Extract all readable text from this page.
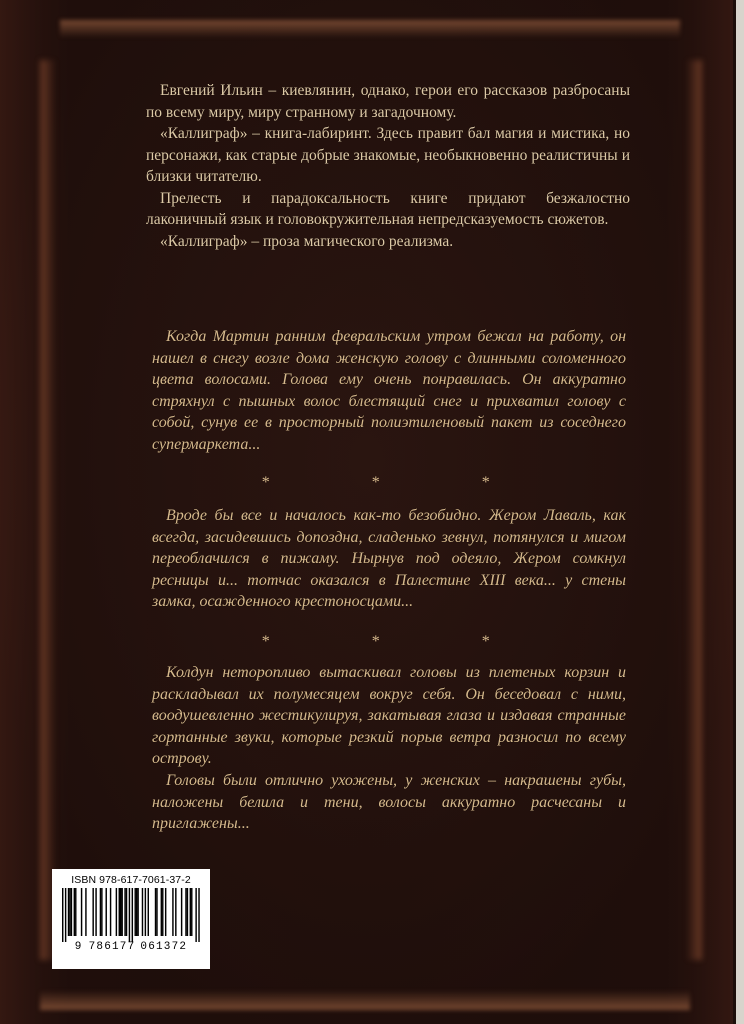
Евгений Ильин – киевлянин, однако, герои его рассказов разбросаны по всему миру, миру странному и загадочному.

«Каллиграф» – книга-лабиринт. Здесь правит бал магия и мистика, но персонажи, как старые добрые знакомые, необыкновенно реалистичны и близки читателю.

Прелесть и парадоксальность книге придают безжалостно лаконичный язык и головокружительная непредсказуемость сюжетов.

«Каллиграф» – проза магического реализма.

Когда Мартин ранним февральским утром бежал на работу, он нашел в снегу возле дома женскую голову с длинными соломенного цвета волосами. Голова ему очень понравилась. Он аккуратно стряхнул с пышных волос блестящий снег и прихватил голову с собой, сунув ее в просторный полиэтиленовый пакет из соседнего супермаркета...

*	*	*

Вроде бы все и началось как-то безобидно. Жером Лаваль, как всегда, засидевшись допоздна, сладенько зевнул, потянулся и мигом переоблачился в пижаму. Нырнув под одеяло, Жером сомкнул ресницы и... тотчас оказался в Палестине XIII века... у стены замка, осажденного крестоносцами...

*	*	*

Колдун неторопливо вытаскивал головы из плетеных корзин и раскладывал их полумесяцем вокруг себя. Он беседовал с ними, воодушевленно жестикулируя, закатывая глаза и издавая странные гортанные звуки, которые резкий порыв ветра разносил по всему острову.

Головы были отлично ухожены, у женских – накрашены губы, наложены белила и тени, волосы аккуратно расчесаны и приглажены...

ISBN 978-617-7061-37-2
9 786177 061372
